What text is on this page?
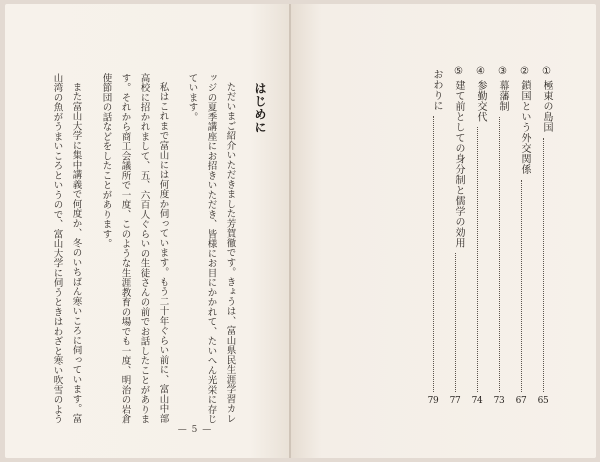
はじめに
ただいまご紹介いただきました芳賀徹です。きょうは、富山県民生涯学習カレ
ッジの夏季講座にお招きいただき、皆様にお目にかかれて、たいへん光栄に存じ
ています。
私はこれまで富山には何度か伺っています。もう二十年ぐらい前に、富山中部
高校に招かれまして、五、六百人ぐらいの生徒さんの前でお話したことがありま
す。それから商工会議所で一度、このような生涯教育の場でも一度、明治の岩倉
使節団の話などをしたことがあります。
また富山大学に集中講義で何度か、冬のいちばん寒いころに伺っています。富
山湾の魚がうまいころというので、富山大学に伺うときはわざと寒い吹雪のよう
— 5 —
①
極東の島国
65
②
鎖国という外交関係
67
③
幕藩制
73
④
参勤交代
74
⑤
建て前としての身分制と儒学の効用
77
おわりに
79
